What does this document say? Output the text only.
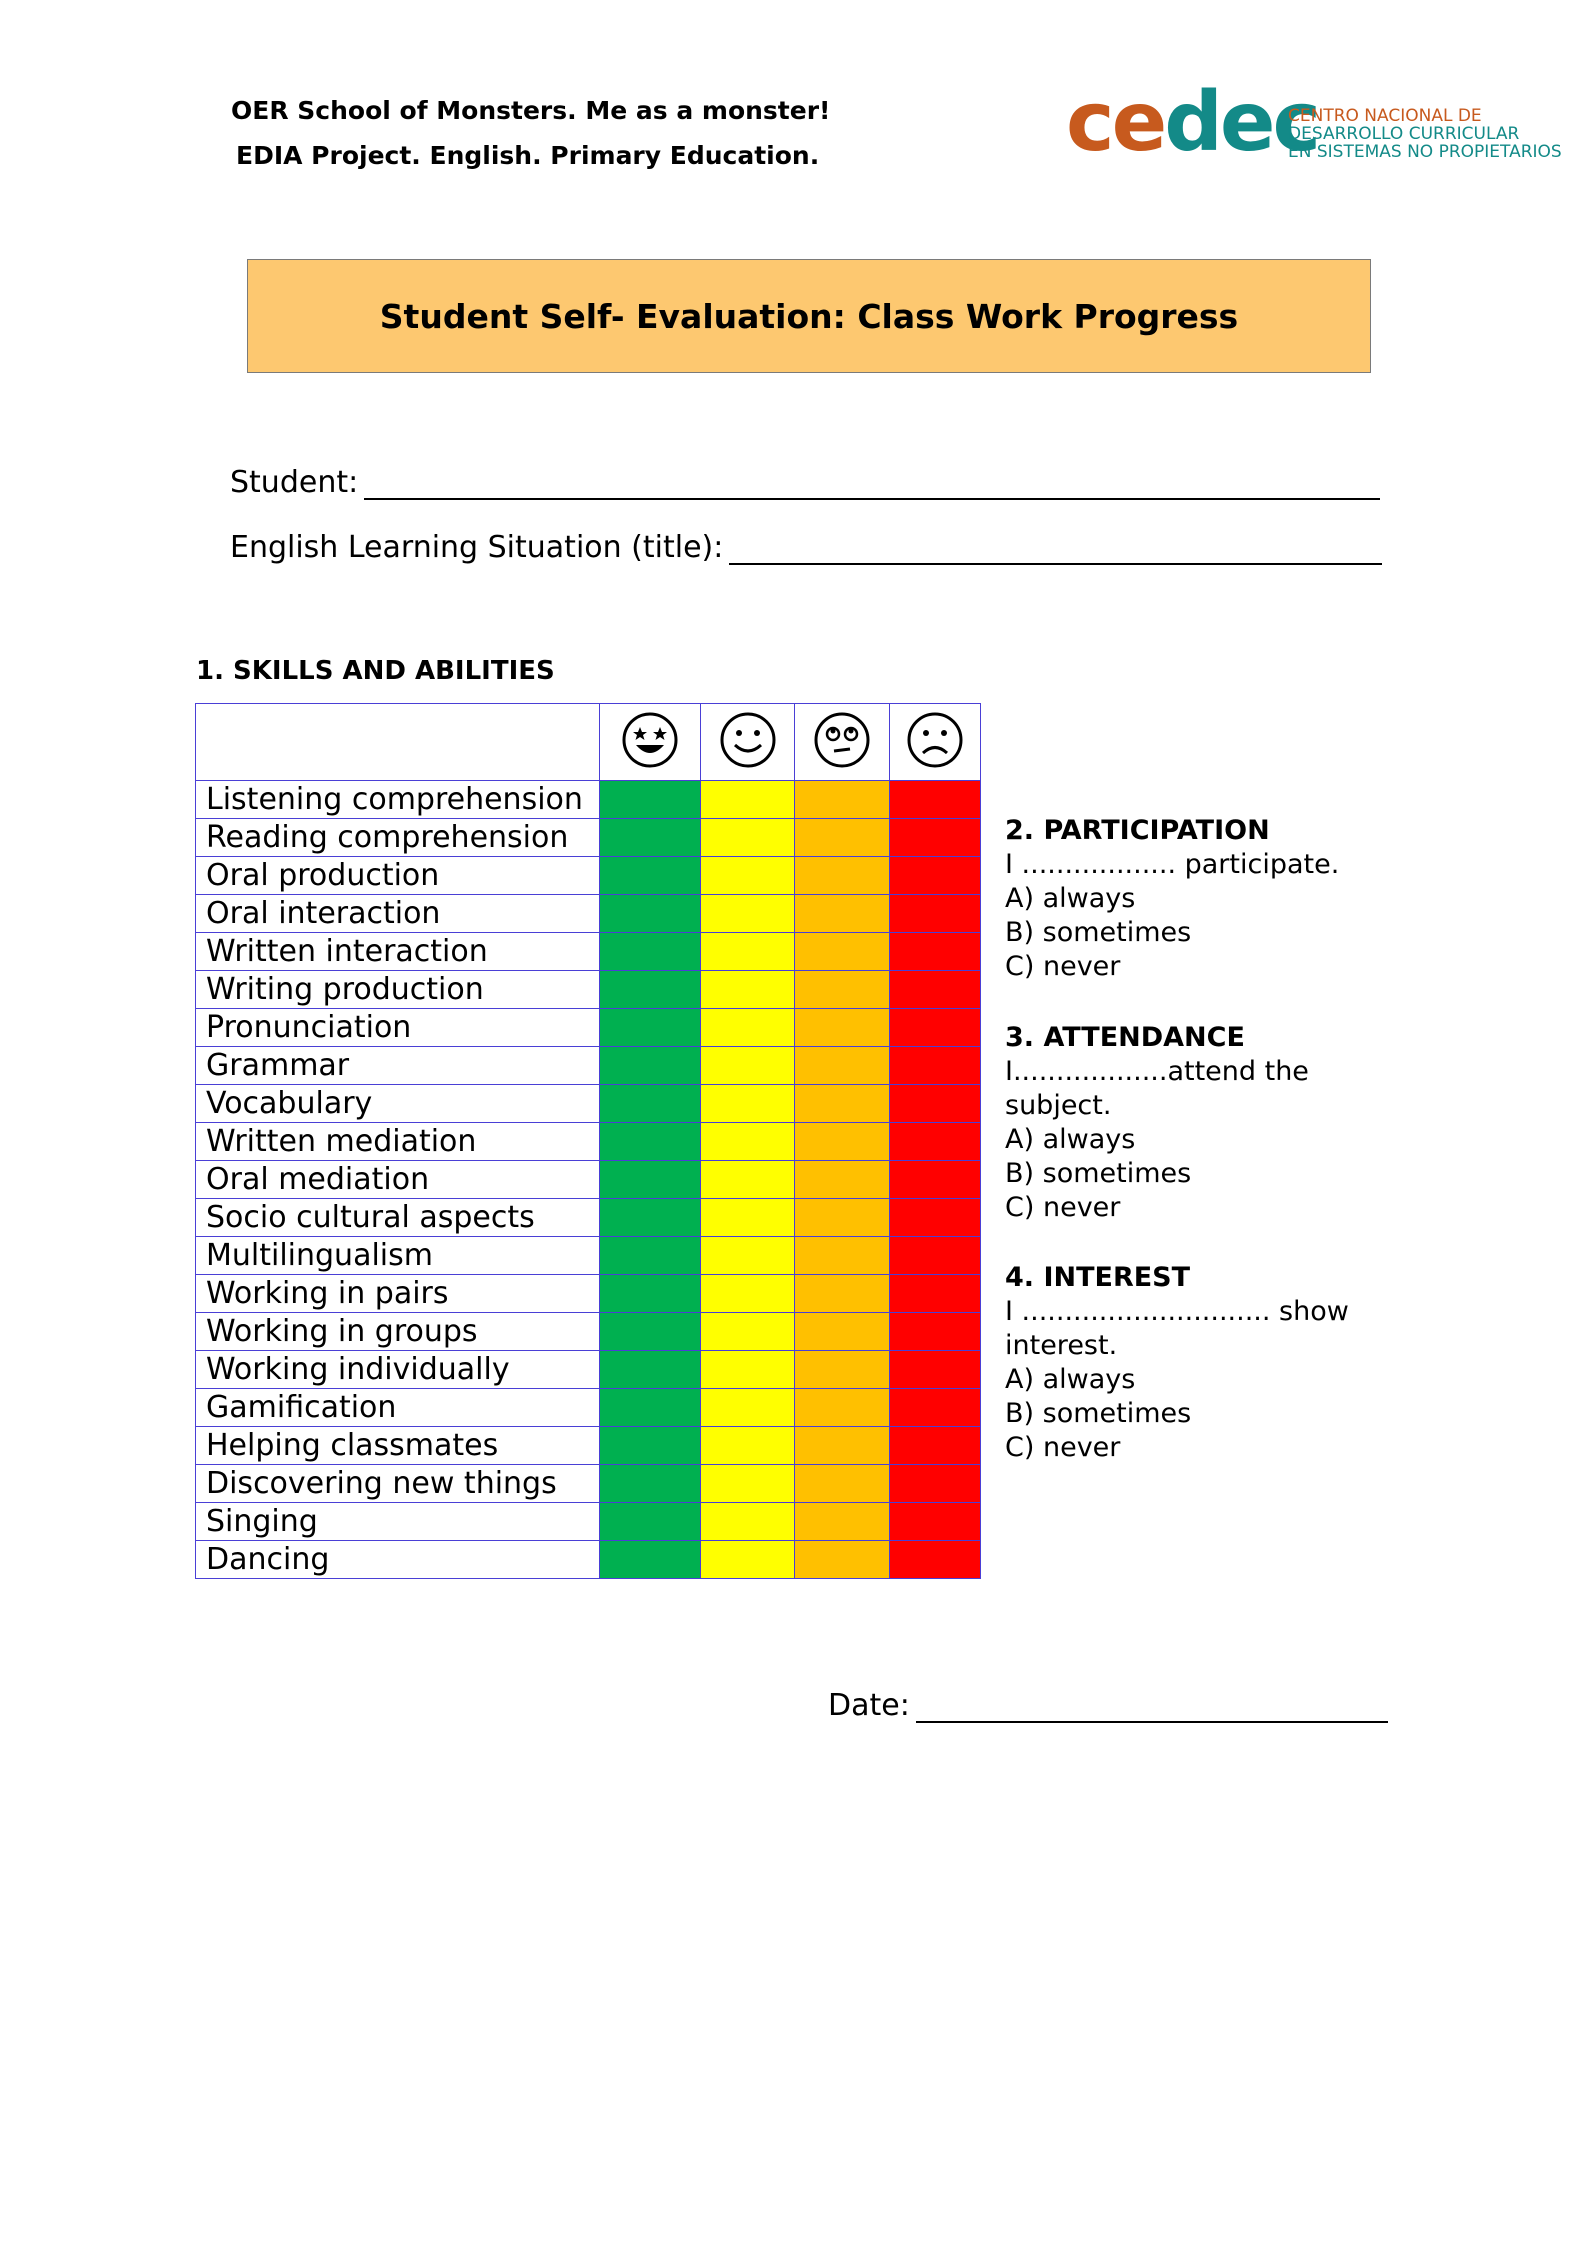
OER School of Monsters. Me as a monster!
EDIA Project. English. Primary Education.	cedec
CENTRO NACIONAL DE
DESARROLLO CURRICULAR
EN SISTEMAS NO PROPIETARIOS
Student Self- Evaluation: Class Work Progress
Student:
English Learning Situation (title):
1. SKILLS AND ABILITIES

Listening comprehension				
Reading comprehension				
Oral production				
Oral interaction				
Written interaction				
Writing production				
Pronunciation				
Grammar				
Vocabulary				
Written mediation				
Oral mediation				
Socio cultural aspects				
Multilingualism				
Working in pairs				
Working in groups				
Working individually				
Gamification				
Helping classmates				
Discovering new things				
Singing				
Dancing				
2. PARTICIPATION
I .................. participate.
A) always
B) sometimes
C) never
3. ATTENDANCE
I..................attend the
subject.
A) always
B) sometimes
C) never
4. INTEREST
I ............................. show
interest.
A) always
B) sometimes
C) never
Date:
